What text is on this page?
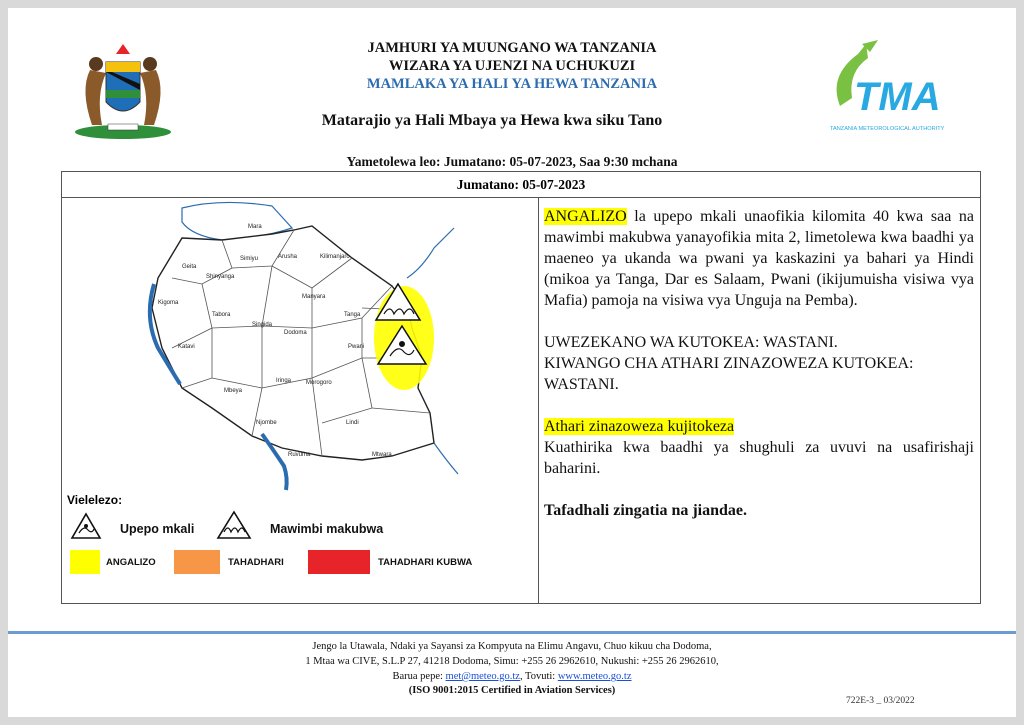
JAMHURI YA MUUNGANO WA TANZANIA
WIZARA YA UJENZI NA UCHUKUZI
MAMLAKA YA HALI YA HEWA TANZANIA
Matarajio ya Hali Mbaya ya Hewa kwa siku Tano
Yametolewa leo: Jumatano: 05-07-2023, Saa 9:30 mchana
TMA
TANZANIA METEOROLOGICAL AUTHORITY
Jumatano: 05-07-2023
Mara
Simiyu	Arusha	Kilimanjaro
Geita
Shinyanga
Kigoma
Tabora
Manyara
Tanga
Singida
Dodoma
Katavi	Pwani
Mbeya
Iringa Morogoro
Njombe	Lindi
Ruvuma	Mtwara
Vielelezo:
Upepo mkali	Mawimbi makubwa
ANGALIZO	TAHADHARI	TAHADHARI KUBWA
ANGALIZO la upepo mkali unaofikia kilomita 40 kwa saa na mawimbi makubwa yanayofikia mita 2, limetolewa kwa baadhi ya maeneo ya ukanda wa pwani ya kaskazini ya bahari ya Hindi (mikoa ya Tanga, Dar es Salaam, Pwani (ikijumuisha visiwa vya Mafia) pamoja na visiwa vya Unguja na Pemba).
UWEZEKANO WA KUTOKEA: WASTANI.
KIWANGO CHA ATHARI ZINAZOWEZA KUTOKEA: WASTANI.
Athari zinazoweza kujitokeza
Kuathirika kwa baadhi ya shughuli za uvuvi na usafirishaji baharini.
Tafadhali zingatia na jiandae.
Jengo la Utawala, Ndaki ya Sayansi za Kompyuta na Elimu Angavu, Chuo kikuu cha Dodoma,
1 Mtaa wa CIVE, S.L.P 27, 41218 Dodoma, Simu: +255 26 2962610, Nukushi: +255 26 2962610,
Barua pepe: met@meteo.go.tz, Tovuti: www.meteo.go.tz
(ISO 9001:2015 Certified in Aviation Services)
722E-3 _ 03/2022
